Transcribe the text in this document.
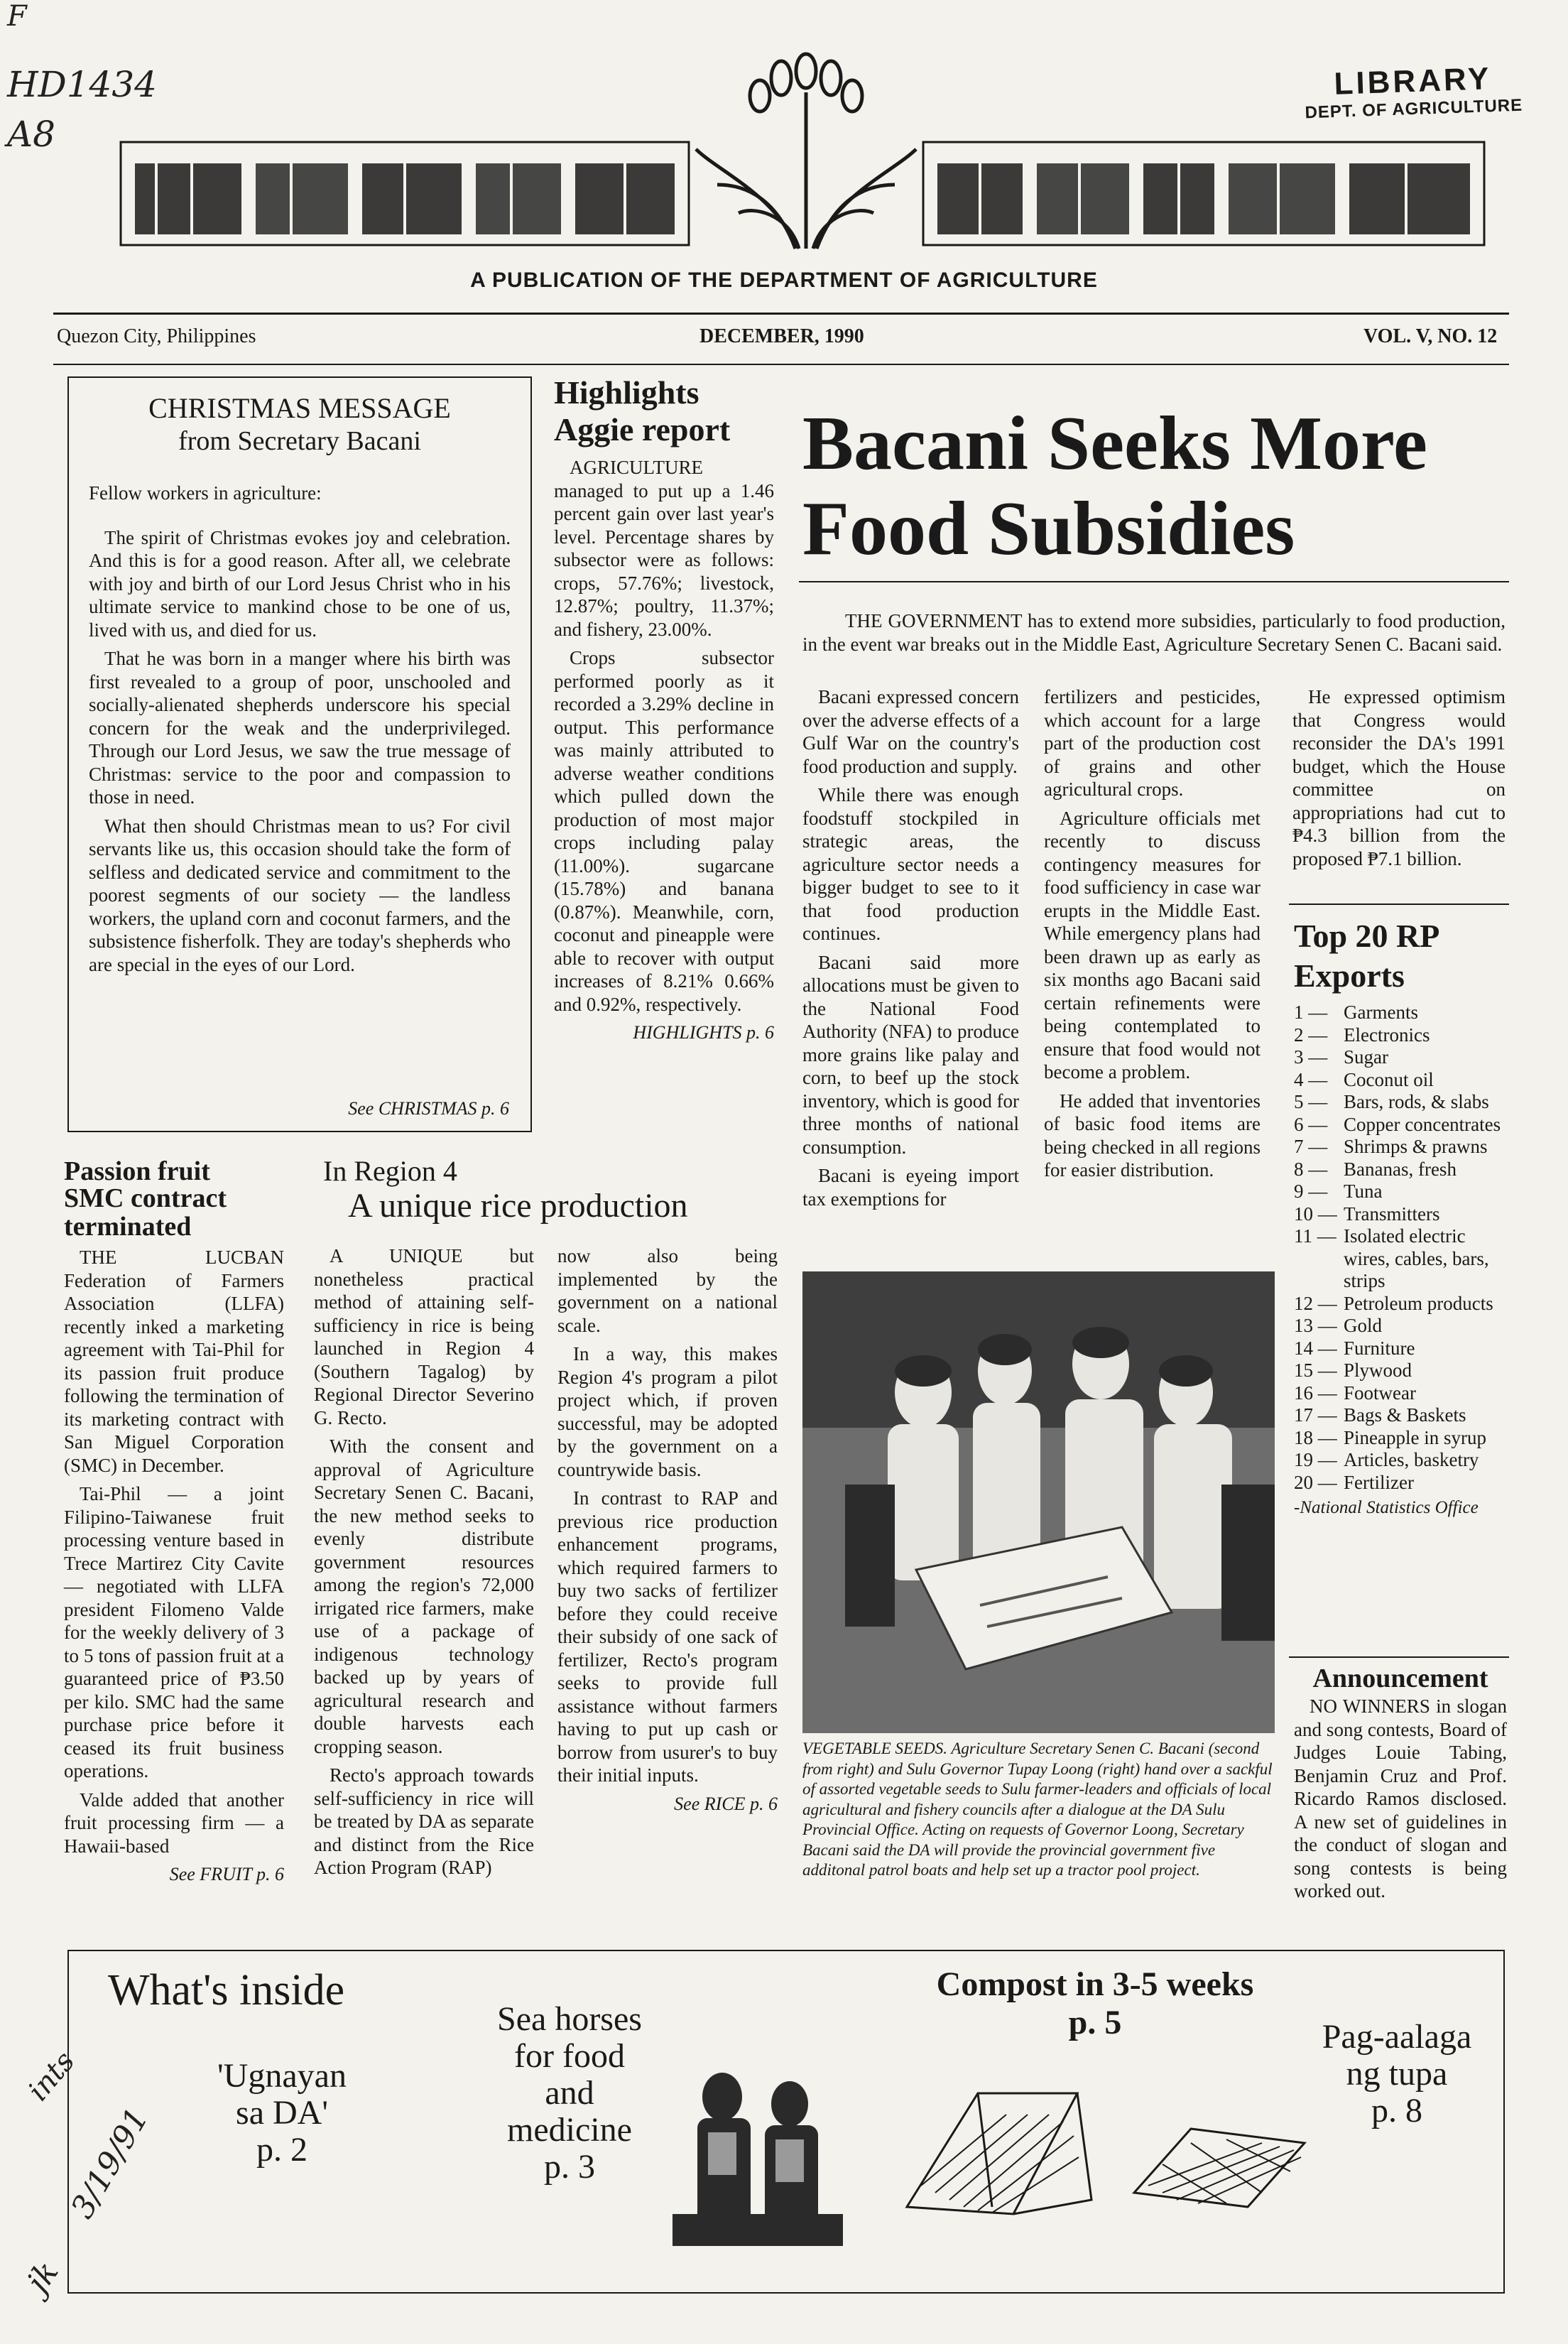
F
HD1434
A8
LIBRARY
DEPT. OF AGRICULTURE
A PUBLICATION OF THE DEPARTMENT OF AGRICULTURE
Quezon City, Philippines	DECEMBER, 1990	VOL. V, NO. 12
CHRISTMAS MESSAGE
from Secretary Bacani

Fellow workers in agriculture:

The spirit of Christmas evokes joy and celebration. And this is for a good reason. After all, we celebrate with joy and birth of our Lord Jesus Christ who in his ultimate service to mankind chose to be one of us, lived with us, and died for us.

That he was born in a manger where his birth was first revealed to a group of poor, unschooled and socially-alienated shepherds underscore his special concern for the weak and the underprivileged. Through our Lord Jesus, we saw the true message of Christmas: service to the poor and compassion to those in need.

What then should Christmas mean to us? For civil servants like us, this occasion should take the form of selfless and dedicated service and commitment to the poorest segments of our society — the landless workers, the upland corn and coconut farmers, and the subsistence fisherfolk. They are today's shepherds who are special in the eyes of our Lord.

See CHRISTMAS p. 6
Highlights
Aggie report

AGRICULTURE managed to put up a 1.46 percent gain over last year's level. Percentage shares by subsector were as follows: crops, 57.76%; livestock, 12.87%; poultry, 11.37%; and fishery, 23.00%.

Crops subsector performed poorly as it recorded a 3.29% decline in output. This performance was mainly attributed to adverse weather conditions which pulled down the production of most major crops including palay (11.00%). sugarcane (15.78%) and banana (0.87%). Meanwhile, corn, coconut and pineapple were able to recover with output increases of 8.21% 0.66% and 0.92%, respectively.

HIGHLIGHTS p. 6
Bacani Seeks More
Food Subsidies

THE GOVERNMENT has to extend more subsidies, particularly to food production, in the event war breaks out in the Middle East, Agriculture Secretary Senen C. Bacani said.

Bacani expressed concern over the adverse effects of a Gulf War on the country's food production and supply.

While there was enough foodstuff stockpiled in strategic areas, the agriculture sector needs a bigger budget to see to it that food production continues.

Bacani said more allocations must be given to the National Food Authority (NFA) to produce more grains like palay and corn, to beef up the stock inventory, which is good for three months of national consumption.

Bacani is eyeing import tax exemptions for

fertilizers and pesticides, which account for a large part of the production cost of grains and other agricultural crops.

Agriculture officials met recently to discuss contingency measures for food sufficiency in case war erupts in the Middle East. While emergency plans had been drawn up as early as six months ago Bacani said certain refinements were being contemplated to ensure that food would not become a problem.

He added that inventories of basic food items are being checked in all regions for easier distribution.

He expressed optimism that Congress would reconsider the DA's 1991 budget, which the House committee on appropriations had cut to ₱4.3 billion from the proposed ₱7.1 billion.

Top 20 RP
Exports
1 — Garments
2 — Electronics
3 — Sugar
4 — Coconut oil
5 — Bars, rods, & slabs
6 — Copper concentrates
7 — Shrimps & prawns
8 — Bananas, fresh
9 — Tuna
10 — Transmitters
11 — Isolated electric wires, cables, bars, strips
12 — Petroleum products
13 — Gold
14 — Furniture
15 — Plywood
16 — Footwear
17 — Bags & Baskets
18 — Pineapple in syrup
19 — Articles, basketry
20 — Fertilizer
-National Statistics Office
Announcement

NO WINNERS in slogan and song contests, Board of Judges Louie Tabing, Benjamin Cruz and Prof. Ricardo Ramos disclosed. A new set of guidelines in the conduct of slogan and song contests is being worked out.

Photo by J. Gerardo
VEGETABLE SEEDS. Agriculture Secretary Senen C. Bacani (second from right) and Sulu Governor Tupay Loong (right) hand over a sackful of assorted vegetable seeds to Sulu farmer-leaders and officials of local agricultural and fishery councils after a dialogue at the DA Sulu Provincial Office. Acting on requests of Governor Loong, Secretary Bacani said the DA will provide the provincial government five additonal patrol boats and help set up a tractor pool project.
Passion fruit
SMC contract
terminated

THE LUCBAN Federation of Farmers Association (LLFA) recently inked a marketing agreement with Tai-Phil for its passion fruit produce following the termination of its marketing contract with San Miguel Corporation (SMC) in December.

Tai-Phil — a joint Filipino-Taiwanese fruit processing venture based in Trece Martirez City Cavite — negotiated with LLFA president Filomeno Valde for the weekly delivery of 3 to 5 tons of passion fruit at a guaranteed price of ₱3.50 per kilo. SMC had the same purchase price before it ceased its fruit business operations.

Valde added that another fruit processing firm — a Hawaii-based

See FRUIT p. 6
In Region 4
A unique rice production

A UNIQUE but nonetheless practical method of attaining self-sufficiency in rice is being launched in Region 4 (Southern Tagalog) by Regional Director Severino G. Recto.

With the consent and approval of Agriculture Secretary Senen C. Bacani, the new method seeks to evenly distribute government resources among the region's 72,000 irrigated rice farmers, make use of a package of indigenous technology backed up by years of agricultural research and double harvests each cropping season.

Recto's approach towards self-sufficiency in rice will be treated by DA as separate and distinct from the Rice Action Program (RAP)

now also being implemented by the government on a national scale.

In a way, this makes Region 4's program a pilot project which, if proven successful, may be adopted by the government on a countrywide basis.

In contrast to RAP and previous rice production enhancement programs, which required farmers to buy two sacks of fertilizer before they could receive their subsidy of one sack of fertilizer, Recto's program seeks to provide full assistance without farmers having to put up cash or borrow from usurer's to buy their initial inputs.

See RICE p. 6
What's inside
'Ugnayan
sa DA'
p. 2
Sea horses
for food
and
medicine
p. 3
Compost in 3-5 weeks
p. 5	Pag-aalaga
ng tupa
p. 8
ints
3/19/91
jk
